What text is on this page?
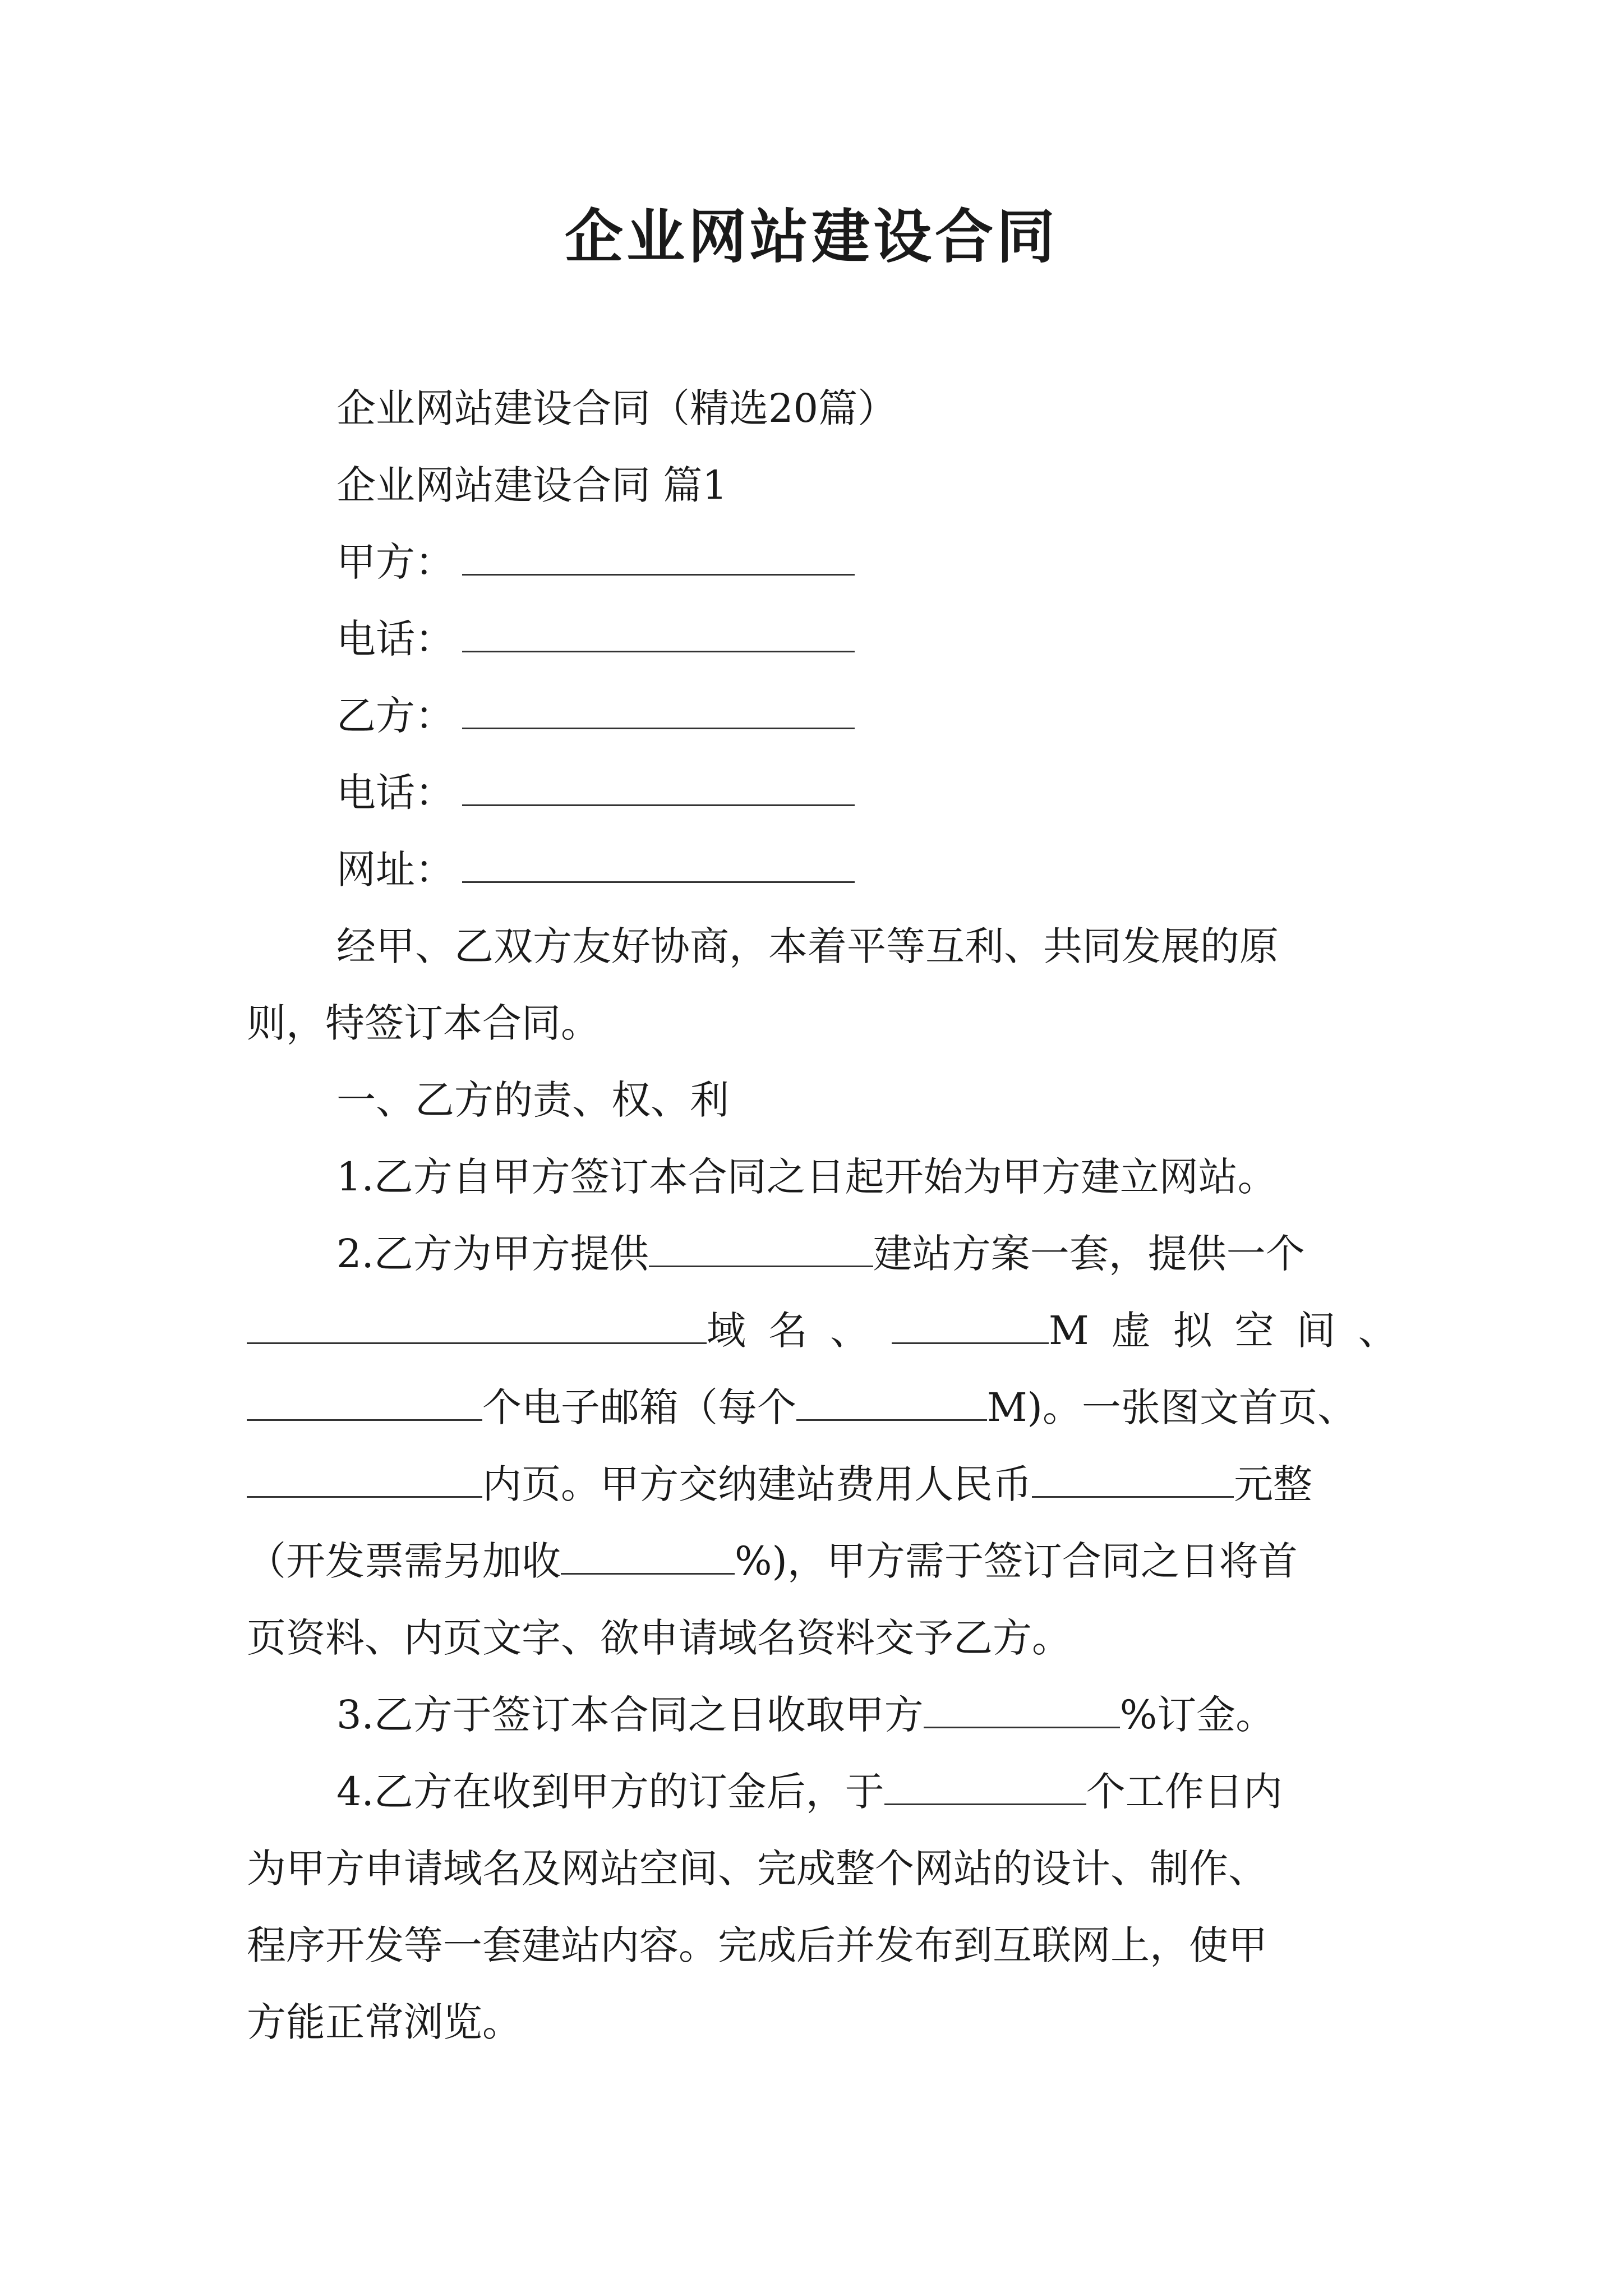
企业网站建设合同
企业网站建设合同（精选20篇）
企业网站建设合同 篇1
甲方：
电话：
乙方：
电话：
网址：
经甲、乙双方友好协商，本着平等互利、共同发展的原
则，特签订本合同。
一、乙方的责、权、利
1.乙方自甲方签订本合同之日起开始为甲方建立网站。
2.乙方为甲方提供	建站方案一套，提供一个
域名、	M虚拟空间、
个电子邮箱（每个	M)。一张图文首页、
内页。甲方交纳建站费用人民币	元整
（开发票需另加收	%)，甲方需于签订合同之日将首
页资料、内页文字、欲申请域名资料交予乙方。
3.乙方于签订本合同之日收取甲方	%订金。
4.乙方在收到甲方的订金后，于	个工作日内
为甲方申请域名及网站空间、完成整个网站的设计、制作、
程序开发等一套建站内容。完成后并发布到互联网上，使甲
方能正常浏览。
